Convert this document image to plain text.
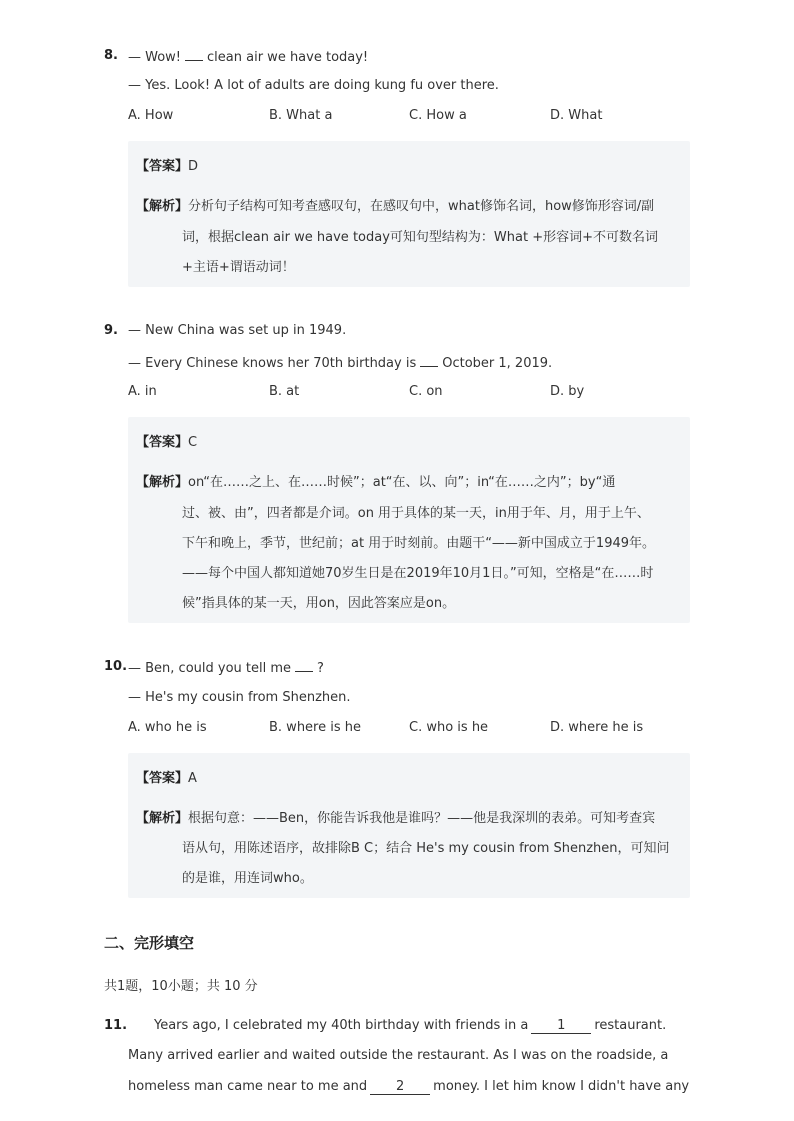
8. — Wow! clean air we have today!
— Yes. Look! A lot of adults are doing kung fu over there.
A. How	B. What a	C. How a	D. What
【答案】D
【解析】分析句子结构可知考查感叹句，在感叹句中，what修饰名词，how修饰形容词/副
词，根据clean air we have today可知句型结构为：What +形容词+不可数名词
+主语+谓语动词！
9. — New China was set up in 1949.
— Every Chinese knows her 70th birthday is October 1, 2019.
A. in	B. at	C. on	D. by
【答案】C
【解析】on“在……之上、在……时候”；at“在、以、向”；in“在……之内”；by“通
过、被、由”，四者都是介词。on 用于具体的某一天，in用于年、月，用于上午、
下午和晚上，季节，世纪前；at 用于时刻前。由题干“——新中国成立于1949年。
——每个中国人都知道她70岁生日是在2019年10月1日。”可知，空格是“在……时
候”指具体的某一天，用on，因此答案应是on。
10. — Ben, could you tell me ?
— He's my cousin from Shenzhen.
A. who he is	B. where is he	C. who is he	D. where he is
【答案】A
【解析】根据句意：——Ben，你能告诉我他是谁吗？——他是我深圳的表弟。可知考查宾
语从句，用陈述语序，故排除B C；结合 He's my cousin from Shenzhen，可知问
的是谁，用连词who。
二、完形填空
共1题，10小题；共 10 分
11. Years ago, I celebrated my 40th birthday with friends in a 1 restaurant.
Many arrived earlier and waited outside the restaurant. As I was on the roadside, a
homeless man came near to me and 2 money. I let him know I didn't have any
